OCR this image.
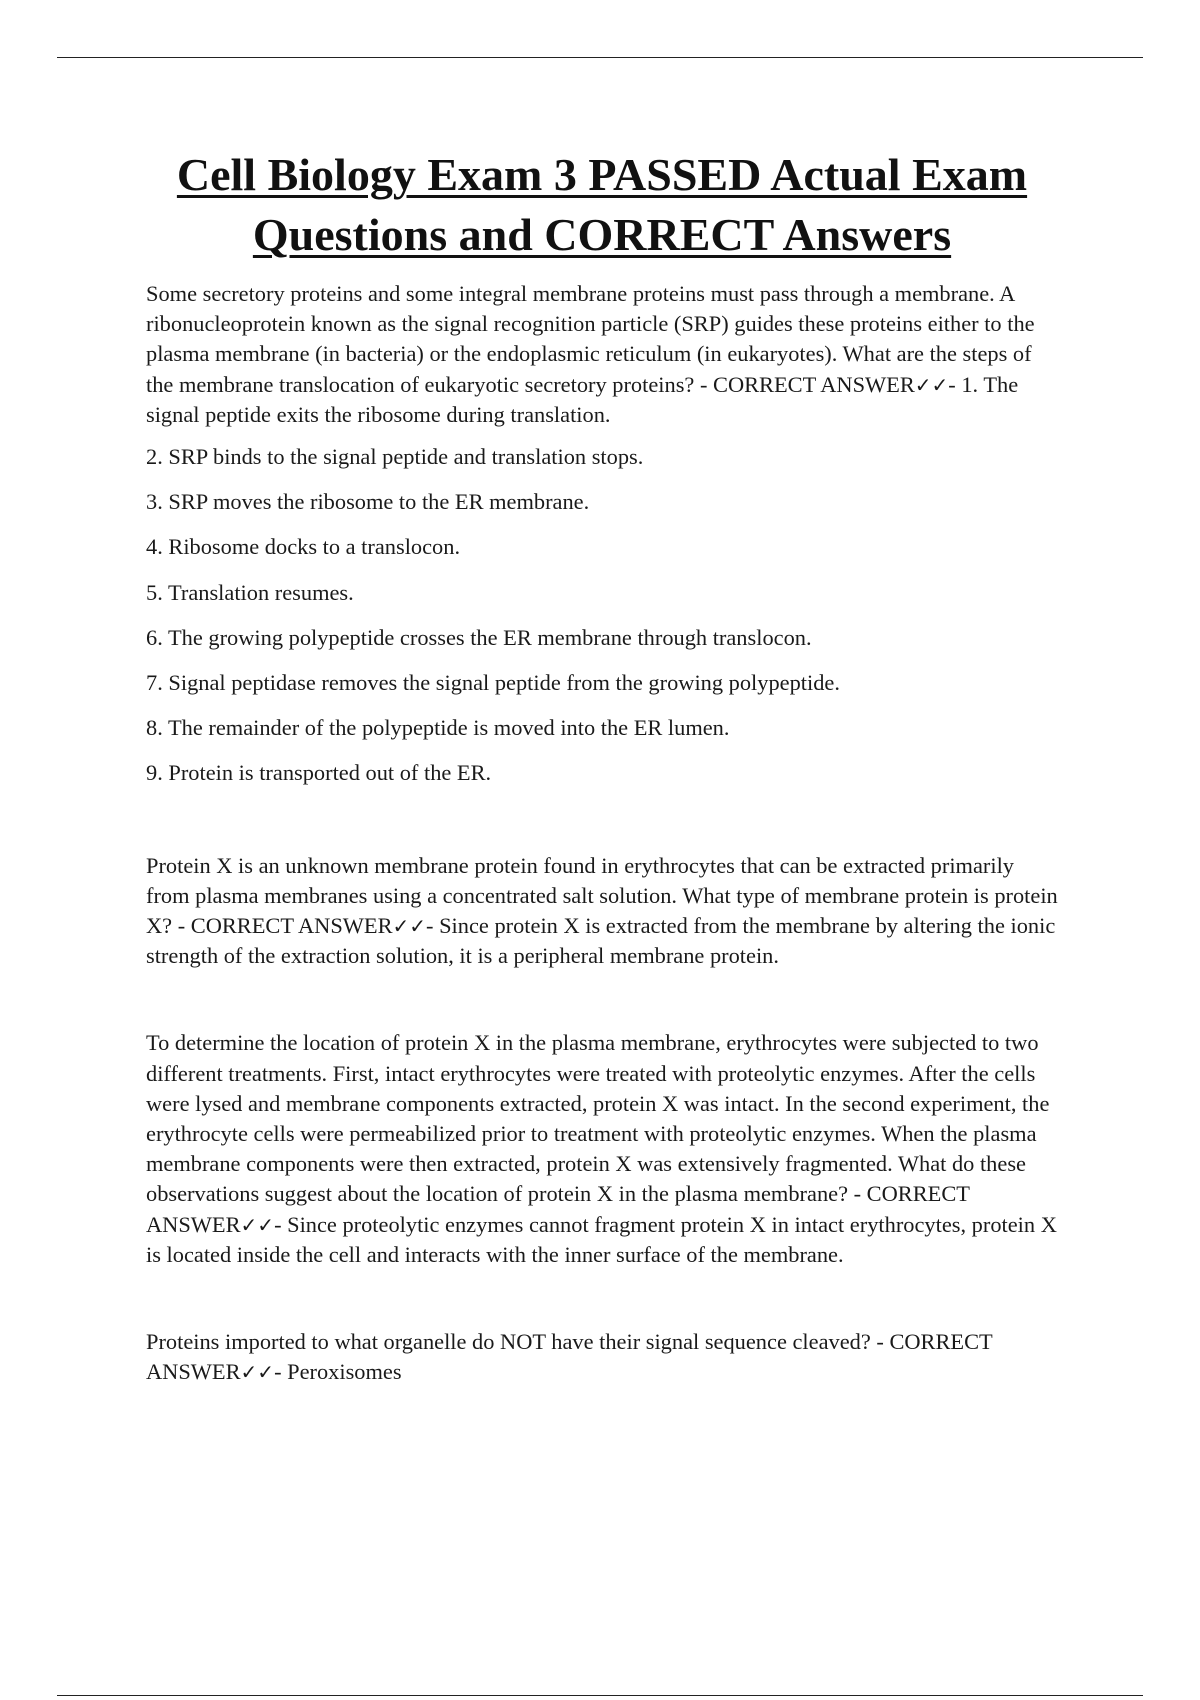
Cell Biology Exam 3 PASSED Actual Exam
Questions and CORRECT Answers

Some secretory proteins and some integral membrane proteins must pass through a membrane. A ribonucleoprotein known as the signal recognition particle (SRP) guides these proteins either to the plasma membrane (in bacteria) or the endoplasmic reticulum (in eukaryotes). What are the steps of the membrane translocation of eukaryotic secretory proteins? - CORRECT ANSWER✓✓- 1. The signal peptide exits the ribosome during translation.

2. SRP binds to the signal peptide and translation stops.

3. SRP moves the ribosome to the ER membrane.

4. Ribosome docks to a translocon.

5. Translation resumes.

6. The growing polypeptide crosses the ER membrane through translocon.

7. Signal peptidase removes the signal peptide from the growing polypeptide.

8. The remainder of the polypeptide is moved into the ER lumen.

9. Protein is transported out of the ER.

Protein X is an unknown membrane protein found in erythrocytes that can be extracted primarily from plasma membranes using a concentrated salt solution. What type of membrane protein is protein X? - CORRECT ANSWER✓✓- Since protein X is extracted from the membrane by altering the ionic strength of the extraction solution, it is a peripheral membrane protein.

To determine the location of protein X in the plasma membrane, erythrocytes were subjected to two different treatments. First, intact erythrocytes were treated with proteolytic enzymes. After the cells were lysed and membrane components extracted, protein X was intact. In the second experiment, the erythrocyte cells were permeabilized prior to treatment with proteolytic enzymes. When the plasma membrane components were then extracted, protein X was extensively fragmented. What do these observations suggest about the location of protein X in the plasma membrane? - CORRECT ANSWER✓✓- Since proteolytic enzymes cannot fragment protein X in intact erythrocytes, protein X is located inside the cell and interacts with the inner surface of the membrane.

Proteins imported to what organelle do NOT have their signal sequence cleaved? - CORRECT ANSWER✓✓- Peroxisomes
